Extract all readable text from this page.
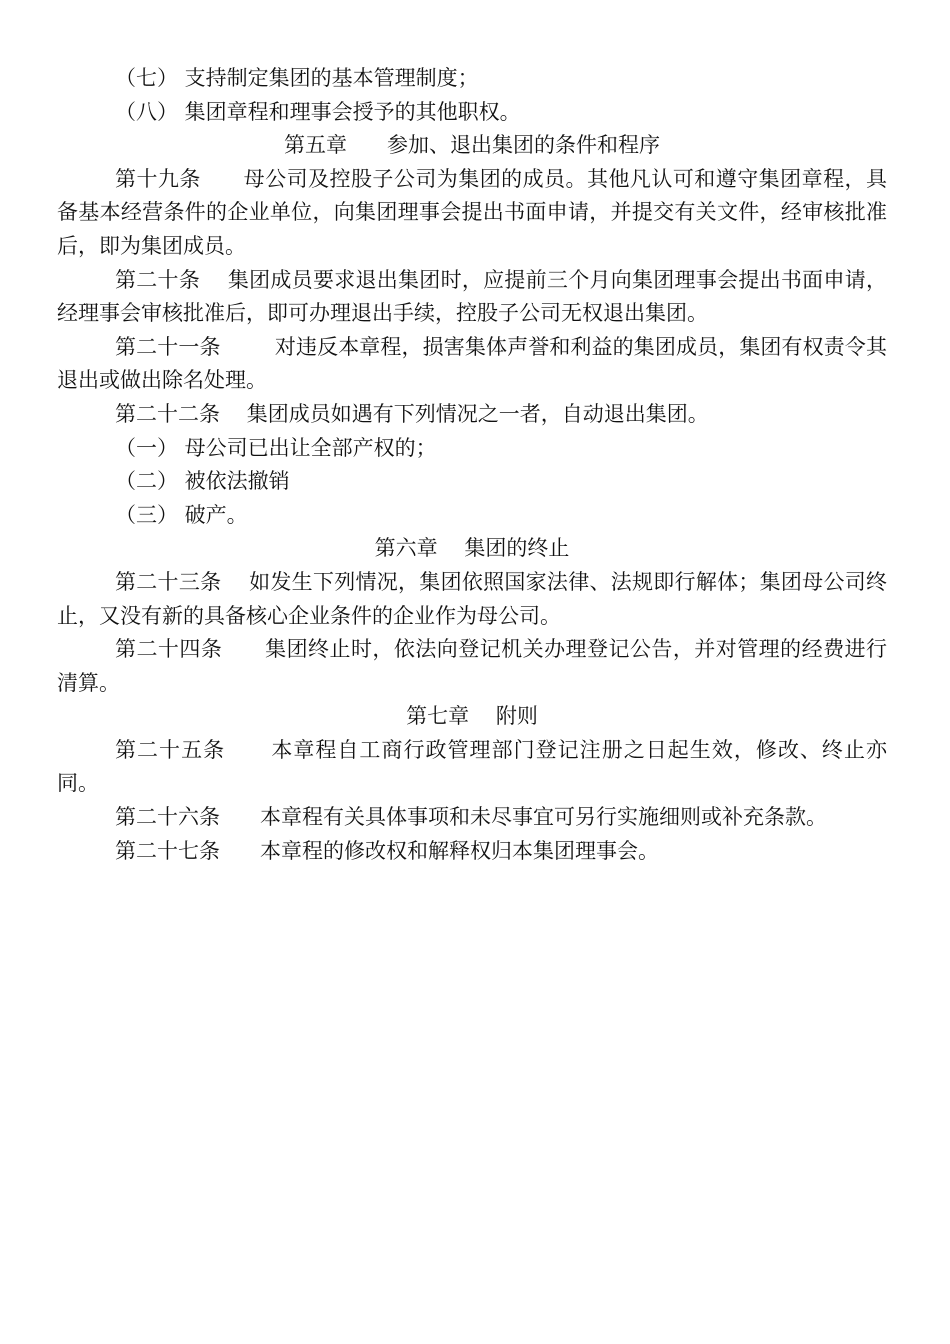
（七） 支持制定集团的基本管理制度；

（八） 集团章程和理事会授予的其他职权。

第五章      参加、退出集团的条件和程序

第十九条      母公司及控股子公司为集团的成员。其他凡认可和遵守集团章程，具备基本经营条件的企业单位，向集团理事会提出书面申请，并提交有关文件，经审核批准后，即为集团成员。

第二十条    集团成员要求退出集团时，应提前三个月向集团理事会提出书面申请，经理事会审核批准后，即可办理退出手续，控股子公司无权退出集团。

第二十一条        对违反本章程，损害集体声誉和利益的集团成员，集团有权责令其退出或做出除名处理。

第二十二条    集团成员如遇有下列情况之一者，自动退出集团。

（一） 母公司已出让全部产权的；

（二） 被依法撤销

（三） 破产。

第六章    集团的终止

第二十三条    如发生下列情况，集团依照国家法律、法规即行解体；集团母公司终止，又没有新的具备核心企业条件的企业作为母公司。

第二十四条      集团终止时，依法向登记机关办理登记公告，并对管理的经费进行清算。

第七章    附则

第二十五条      本章程自工商行政管理部门登记注册之日起生效，修改、终止亦同。

第二十六条      本章程有关具体事项和未尽事宜可另行实施细则或补充条款。

第二十七条      本章程的修改权和解释权归本集团理事会。
